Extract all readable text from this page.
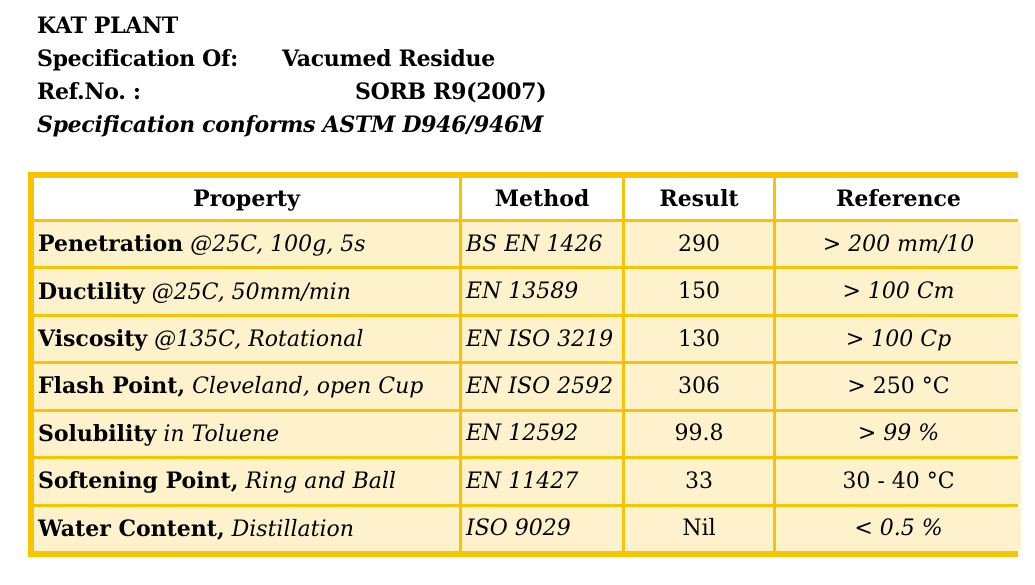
KAT PLANT
Specification Of: Vacumed Residue
Ref.No. :	SORB R9(2007)
Specification conforms ASTM D946/946M
Property	Method	Result	Reference
Penetration @25C, 100g, 5s	BS EN 1426	290	> 200 mm/10
Ductility @25C, 50mm/min	EN 13589	150	> 100 Cm
Viscosity @135C, Rotational	EN ISO 3219	130	> 100 Cp
Flash Point, Cleveland, open Cup	EN ISO 2592	306	> 250 °C
Solubility in Toluene	EN 12592	99.8	> 99 %
Softening Point, Ring and Ball	EN 11427	33	30 - 40 °C
Water Content, Distillation	ISO 9029	Nil	< 0.5 %
